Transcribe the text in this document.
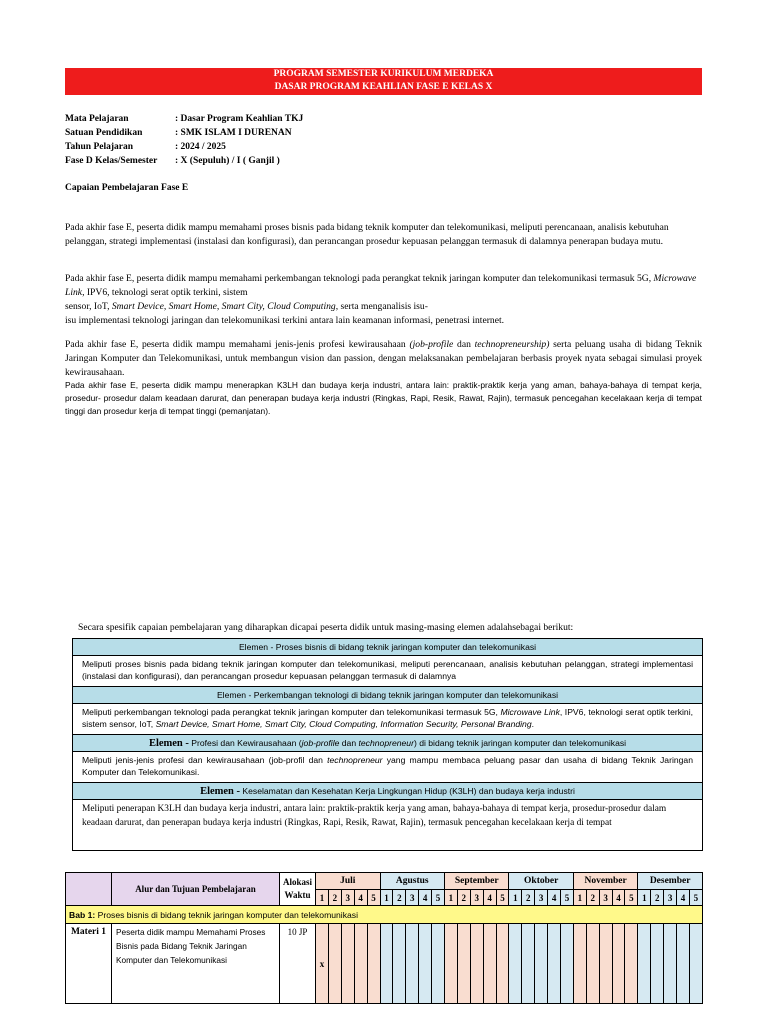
PROGRAM SEMESTER KURIKULUM MERDEKA
DASAR PROGRAM KEAHLIAN FASE E KELAS X
Mata Pelajaran	: Dasar Program Keahlian TKJ
Satuan Pendidikan	: SMK ISLAM I DURENAN
Tahun Pelajaran	: 2024 / 2025
Fase D Kelas/Semester	: X (Sepuluh) / I ( Ganjil )
Capaian Pembelajaran Fase E
Pada akhir fase E, peserta didik mampu memahami proses bisnis pada bidang teknik komputer dan telekomunikasi, meliputi perencanaan, analisis kebutuhan pelanggan, strategi implementasi (instalasi dan konfigurasi), dan perancangan prosedur kepuasan pelanggan termasuk di dalamnya penerapan budaya mutu.
Pada akhir fase E, peserta didik mampu memahami perkembangan teknologi pada perangkat teknik jaringan komputer dan telekomunikasi termasuk 5G, Microwave Link, IPV6, teknologi serat optik terkini, sistem
sensor, IoT, Smart Device, Smart Home, Smart City, Cloud Computing, serta menganalisis isu-
isu implementasi teknologi jaringan dan telekomunikasi terkini antara lain keamanan informasi, penetrasi internet.
Pada akhir fase E, peserta didik mampu memahami jenis-jenis profesi kewirausahaan (job-profile dan technopreneurship) serta peluang usaha di bidang Teknik Jaringan Komputer dan Telekomunikasi, untuk membangun vision dan passion, dengan melaksanakan pembelajaran berbasis proyek nyata sebagai simulasi proyek kewirausahaan.
Pada akhir fase E, peserta didik mampu menerapkan K3LH dan budaya kerja industri, antara lain: praktik-praktik kerja yang aman, bahaya-bahaya di tempat kerja, prosedur- prosedur dalam keadaan darurat, dan penerapan budaya kerja industri (Ringkas, Rapi, Resik, Rawat, Rajin), termasuk pencegahan kecelakaan kerja di tempat tinggi dan prosedur kerja di tempat tinggi (pemanjatan).
Secara spesifik capaian pembelajaran yang diharapkan dicapai peserta didik untuk masing-masing elemen adalahsebagai berikut:
Elemen - Proses bisnis di bidang teknik jaringan komputer dan telekomunikasi
Meliputi proses bisnis pada bidang teknik jaringan komputer dan telekomunikasi, meliputi perencanaan, analisis kebutuhan pelanggan, strategi implementasi (instalasi dan konfigurasi), dan perancangan prosedur kepuasan pelanggan termasuk di dalamnya
Elemen - Perkembangan teknologi di bidang teknik jaringan komputer dan telekomunikasi
Meliputi perkembangan teknologi pada perangkat teknik jaringan komputer dan telekomunikasi termasuk 5G, Microwave Link, IPV6, teknologi serat optik terkini, sistem sensor, IoT, Smart Device, Smart Home, Smart City, Cloud Computing, Information Security, Personal Branding.
Elemen - Profesi dan Kewirausahaan (job-profile dan technopreneur) di bidang teknik jaringan komputer dan telekomunikasi
Meliputi jenis-jenis profesi dan kewirausahaan (job-profil dan technopreneur yang mampu membaca peluang pasar dan usaha di bidang Teknik Jaringan Komputer dan Telekomunikasi.
Elemen - Keselamatan dan Kesehatan Kerja Lingkungan Hidup (K3LH) dan budaya kerja industri
Meliputi penerapan K3LH dan budaya kerja industri, antara lain: praktik-praktik kerja yang aman, bahaya-bahaya di tempat kerja, prosedur-prosedur dalam keadaan darurat, dan penerapan budaya kerja industri (Ringkas, Rapi, Resik, Rawat, Rajin), termasuk pencegahan kecelakaan kerja di tempat
	Alur dan Tujuan Pembelajaran	Alokasi Waktu	Juli					Agustus					September					Oktober					November					Desember				
			1	2	3	4	5	1	2	3	4	5	1	2	3	4	5	1	2	3	4	5	1	2	3	4	5	1	2	3	4	5
Bab 1: Proses bisnis di bidang teknik jaringan komputer dan telekomunikasi																																
Materi 1	Peserta didik mampu Memahami Proses Bisnis pada Bidang Teknik Jaringan Komputer dan Telekomunikasi	10 JP	x																													
